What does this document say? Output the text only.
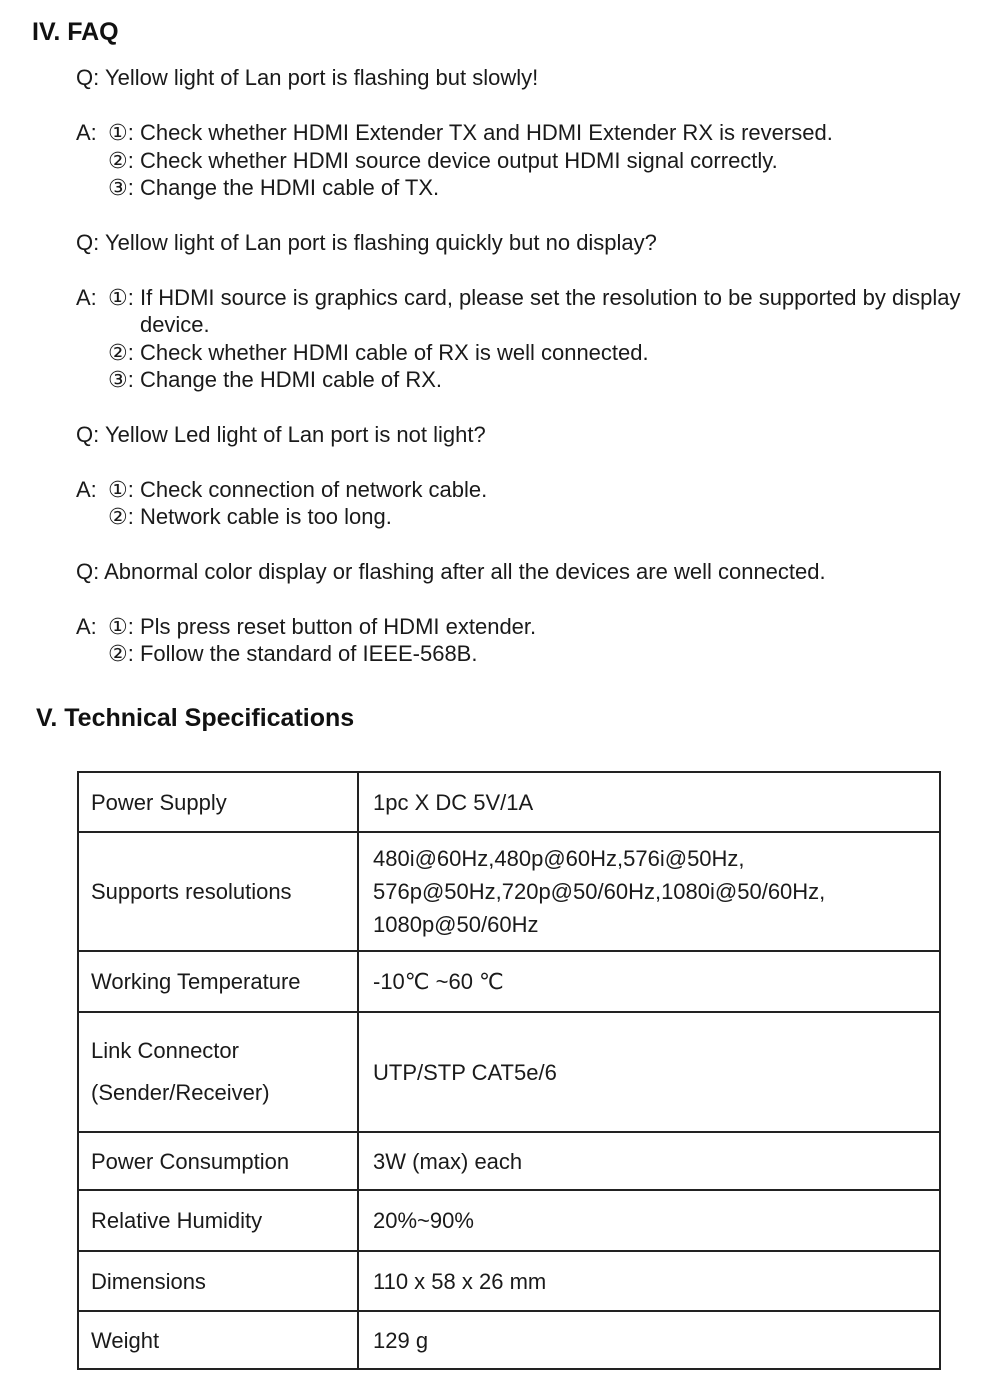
IV. FAQ

Q: Yellow light of Lan port is flashing but slowly!

A: ①: Check whether HDMI Extender TX and HDMI Extender RX is reversed.
②: Check whether HDMI source device output HDMI signal correctly.
③: Change the HDMI cable of TX.

Q: Yellow light of Lan port is flashing quickly but no display?

A: ①: If HDMI source is graphics card, please set the resolution to be supported by display device.
②: Check whether HDMI cable of RX is well connected.
③: Change the HDMI cable of RX.

Q: Yellow Led light of Lan port is not light?

A: ①: Check connection of network cable.
②: Network cable is too long.

Q: Abnormal color display or flashing after all the devices are well connected.

A: ①: Pls press reset button of HDMI extender.
②: Follow the standard of IEEE-568B.
V. Technical Specifications
Power Supply	1pc X DC 5V/1A
Supports resolutions	480i@60Hz,480p@60Hz,576i@50Hz, 576p@50Hz,720p@50/60Hz,1080i@50/60Hz, 1080p@50/60Hz
Working Temperature	-10℃ ~60 ℃
Link Connector (Sender/Receiver)	UTP/STP CAT5e/6
Power Consumption	3W (max) each
Relative Humidity	20%~90%
Dimensions	110 x 58 x 26 mm
Weight	129 g
